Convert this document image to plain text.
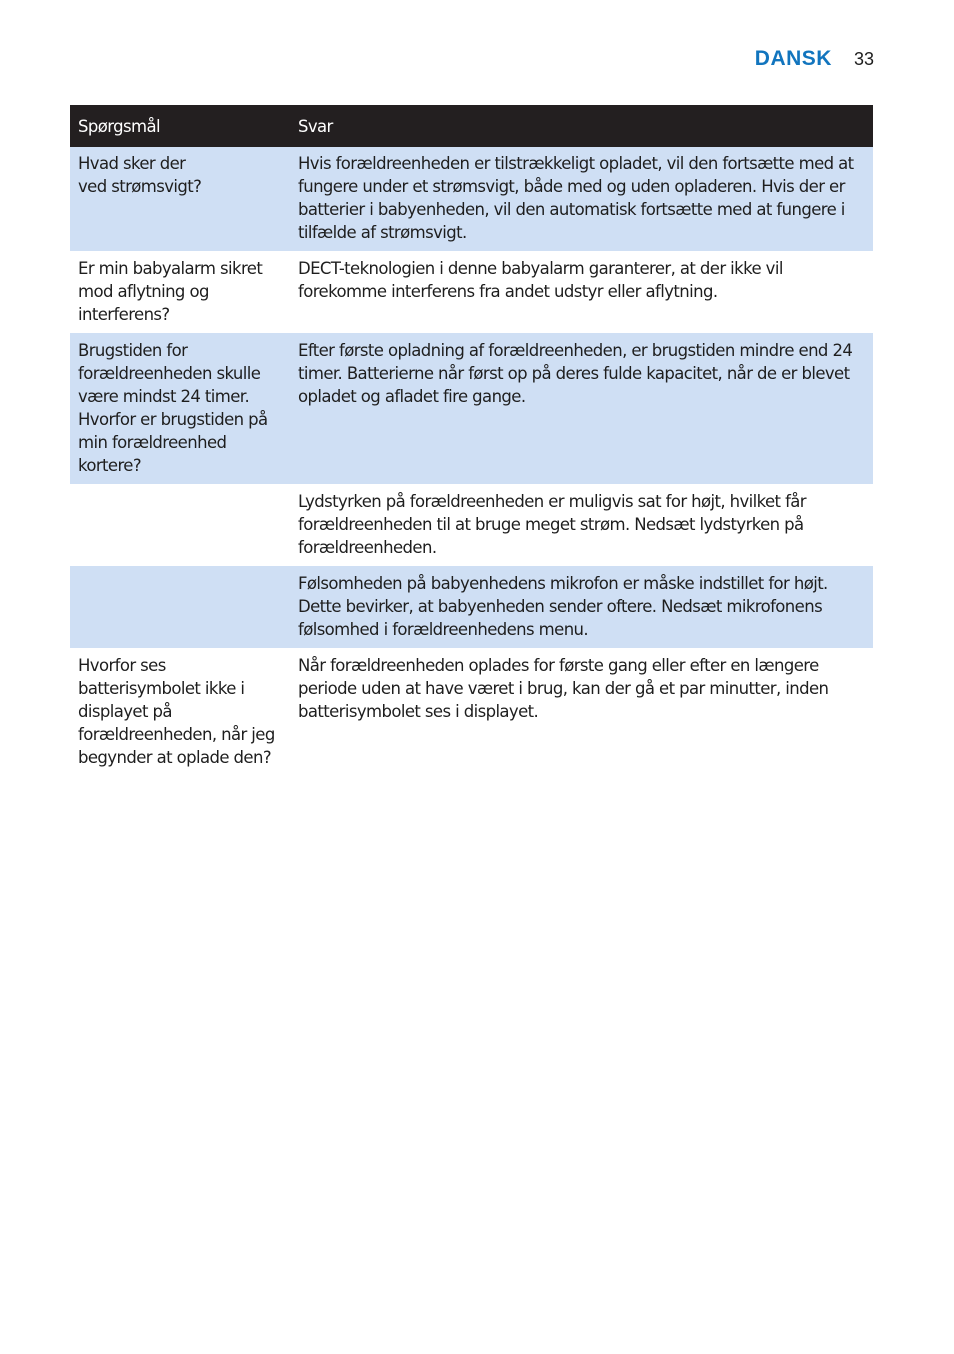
DANSK 33
Spørgsmål	Svar
Hvad sker der
ved strømsvigt?	Hvis forældreenheden er tilstrækkeligt opladet, vil den fortsætte med at fungere under et strømsvigt, både med og uden opladeren. Hvis der er batterier i babyenheden, vil den automatisk fortsætte med at fungere i tilfælde af strømsvigt.
Er min babyalarm sikret mod aflytning og interferens?	DECT-teknologien i denne babyalarm garanterer, at der ikke vil forekomme interferens fra andet udstyr eller aflytning.
Brugstiden for forældreenheden skulle være mindst 24 timer. Hvorfor er brugstiden på min forældreenhed kortere?	Efter første opladning af forældreenheden, er brugstiden mindre end 24 timer. Batterierne når først op på deres fulde kapacitet, når de er blevet opladet og afladet fire gange.
	Lydstyrken på forældreenheden er muligvis sat for højt, hvilket får forældreenheden til at bruge meget strøm. Nedsæt lydstyrken på forældreenheden.
	Følsomheden på babyenhedens mikrofon er måske indstillet for højt. Dette bevirker, at babyenheden sender oftere. Nedsæt mikrofonens følsomhed i forældreenhedens menu.
Hvorfor ses batterisymbolet ikke i displayet på forældreenheden, når jeg begynder at oplade den?	Når forældreenheden oplades for første gang eller efter en længere periode uden at have været i brug, kan der gå et par minutter, inden batterisymbolet ses i displayet.
